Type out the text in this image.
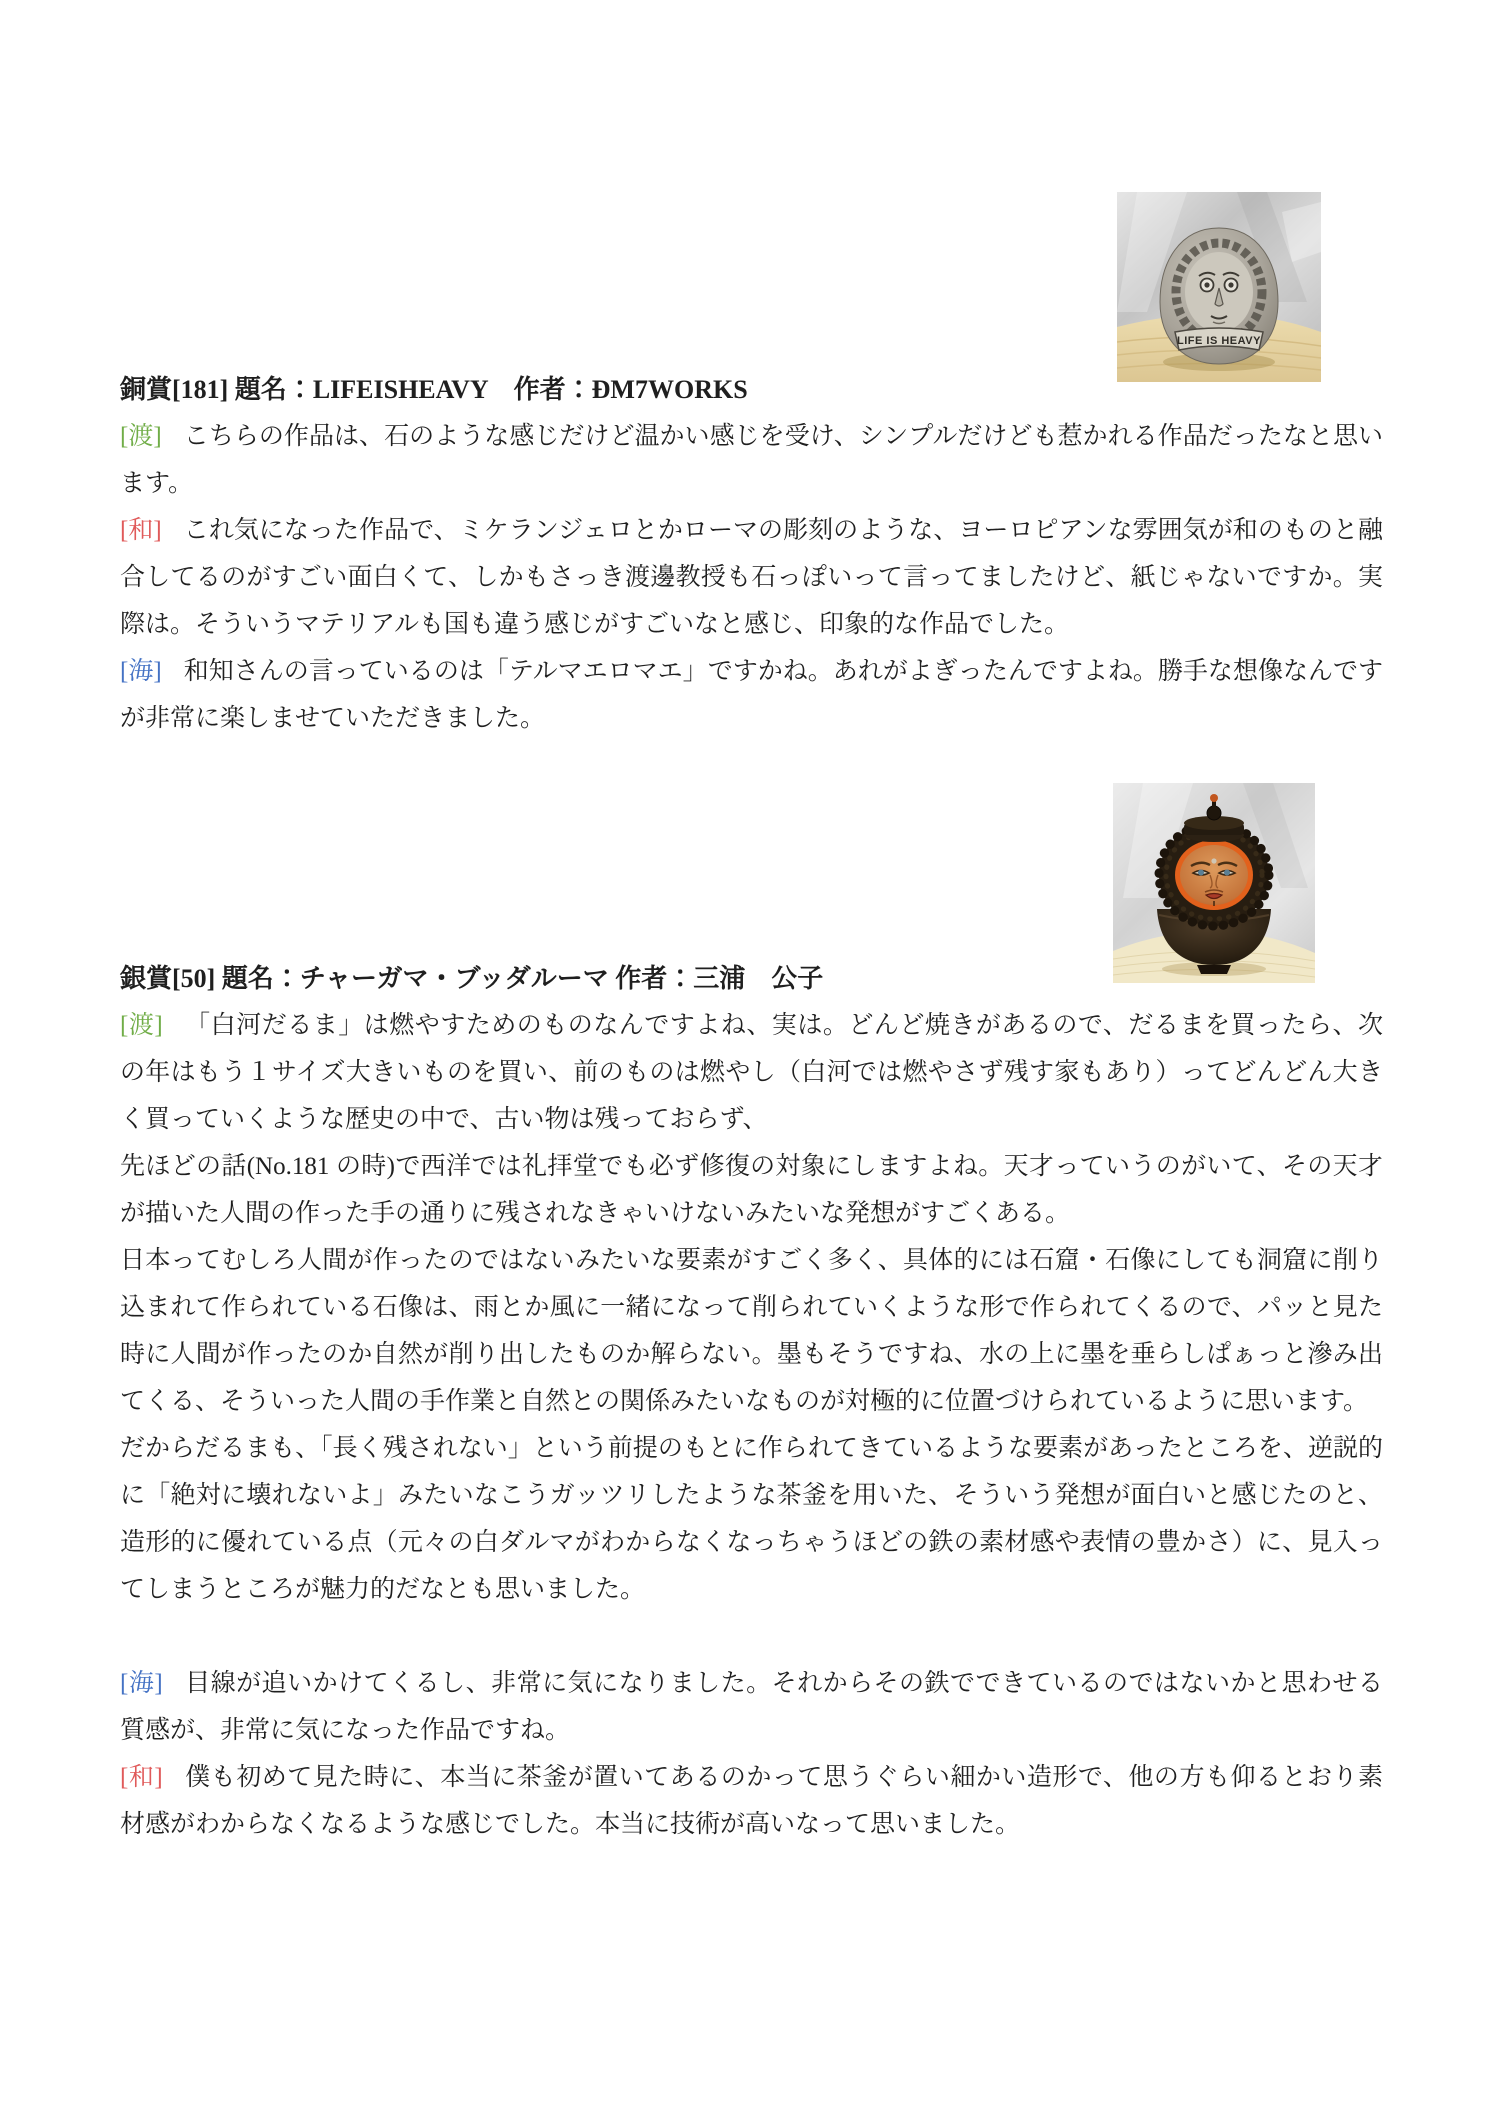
LIFE IS HEAVY
銅賞[181] 題名：LIFEISHEAVY　作者：ĐM7WORKS

[渡] こちらの作品は、石のような感じだけど温かい感じを受け、シンプルだけども惹かれる作品だったなと思います。

[和] これ気になった作品で、ミケランジェロとかローマの彫刻のような、ヨーロピアンな雰囲気が和のものと融合してるのがすごい面白くて、しかもさっき渡邊教授も石っぽいって言ってましたけど、紙じゃないですか。実際は。そういうマテリアルも国も違う感じがすごいなと感じ、印象的な作品でした。

[海] 和知さんの言っているのは「テルマエロマエ」ですかね。あれがよぎったんですよね。勝手な想像なんですが非常に楽しませていただきました。

銀賞[50] 題名：チャーガマ・ブッダルーマ 作者：三浦　公子

[渡] 「白河だるま」は燃やすためのものなんですよね、実は。どんど焼きがあるので、だるまを買ったら、次の年はもう１サイズ大きいものを買い、前のものは燃やし（白河では燃やさず残す家もあり）ってどんどん大きく買っていくような歴史の中で、古い物は残っておらず、

先ほどの話(No.181 の時)で西洋では礼拝堂でも必ず修復の対象にしますよね。天才っていうのがいて、その天才が描いた人間の作った手の通りに残されなきゃいけないみたいな発想がすごくある。

日本ってむしろ人間が作ったのではないみたいな要素がすごく多く、具体的には石窟・石像にしても洞窟に削り込まれて作られている石像は、雨とか風に一緒になって削られていくような形で作られてくるので、パッと見た時に人間が作ったのか自然が削り出したものか解らない。墨もそうですね、水の上に墨を垂らしぱぁっと滲み出てくる、そういった人間の手作業と自然との関係みたいなものが対極的に位置づけられているように思います。

だからだるまも、「長く残されない」という前提のもとに作られてきているような要素があったところを、逆説的に「絶対に壊れないよ」みたいなこうガッツリしたような茶釜を用いた、そういう発想が面白いと感じたのと、造形的に優れている点（元々の白ダルマがわからなくなっちゃうほどの鉄の素材感や表情の豊かさ）に、見入ってしまうところが魅力的だなとも思いました。

[海] 目線が追いかけてくるし、非常に気になりました。それからその鉄でできているのではないかと思わせる質感が、非常に気になった作品ですね。

[和] 僕も初めて見た時に、本当に茶釜が置いてあるのかって思うぐらい細かい造形で、他の方も仰るとおり素材感がわからなくなるような感じでした。本当に技術が高いなって思いました。
